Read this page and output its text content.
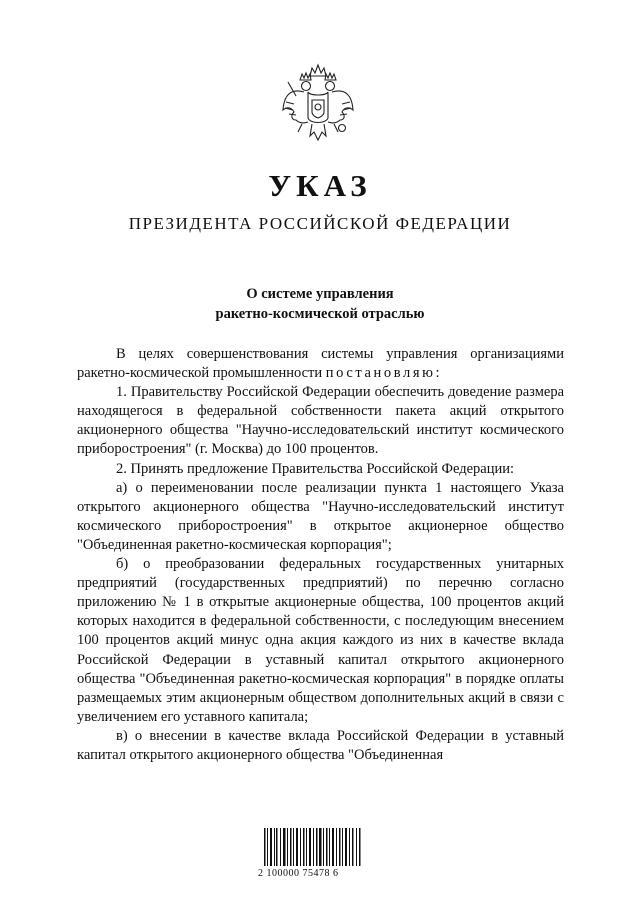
УКАЗ
ПРЕЗИДЕНТА РОССИЙСКОЙ ФЕДЕРАЦИИ
О системе управления
ракетно-космической отраслью

В целях совершенствования системы управления организациями ракетно-космической промышленности постановляю:

1. Правительству Российской Федерации обеспечить доведение размера находящегося в федеральной собственности пакета акций открытого акционерного общества "Научно-исследовательский институт космического приборостроения" (г. Москва) до 100 процентов.

2. Принять предложение Правительства Российской Федерации:

а) о переименовании после реализации пункта 1 настоящего Указа открытого акционерного общества "Научно-исследовательский институт космического приборостроения" в открытое акционерное общество "Объединенная ракетно-космическая корпорация";

б) о преобразовании федеральных государственных унитарных предприятий (государственных предприятий) по перечню согласно приложению № 1 в открытые акционерные общества, 100 процентов акций которых находится в федеральной собственности, с последующим внесением 100 процентов акций минус одна акция каждого из них в качестве вклада Российской Федерации в уставный капитал открытого акционерного общества "Объединенная ракетно-космическая корпорация" в порядке оплаты размещаемых этим акционерным обществом дополнительных акций в связи с увеличением его уставного капитала;

в) о внесении в качестве вклада Российской Федерации в уставный капитал открытого акционерного общества "Объединенная

2 100000 75478 6
